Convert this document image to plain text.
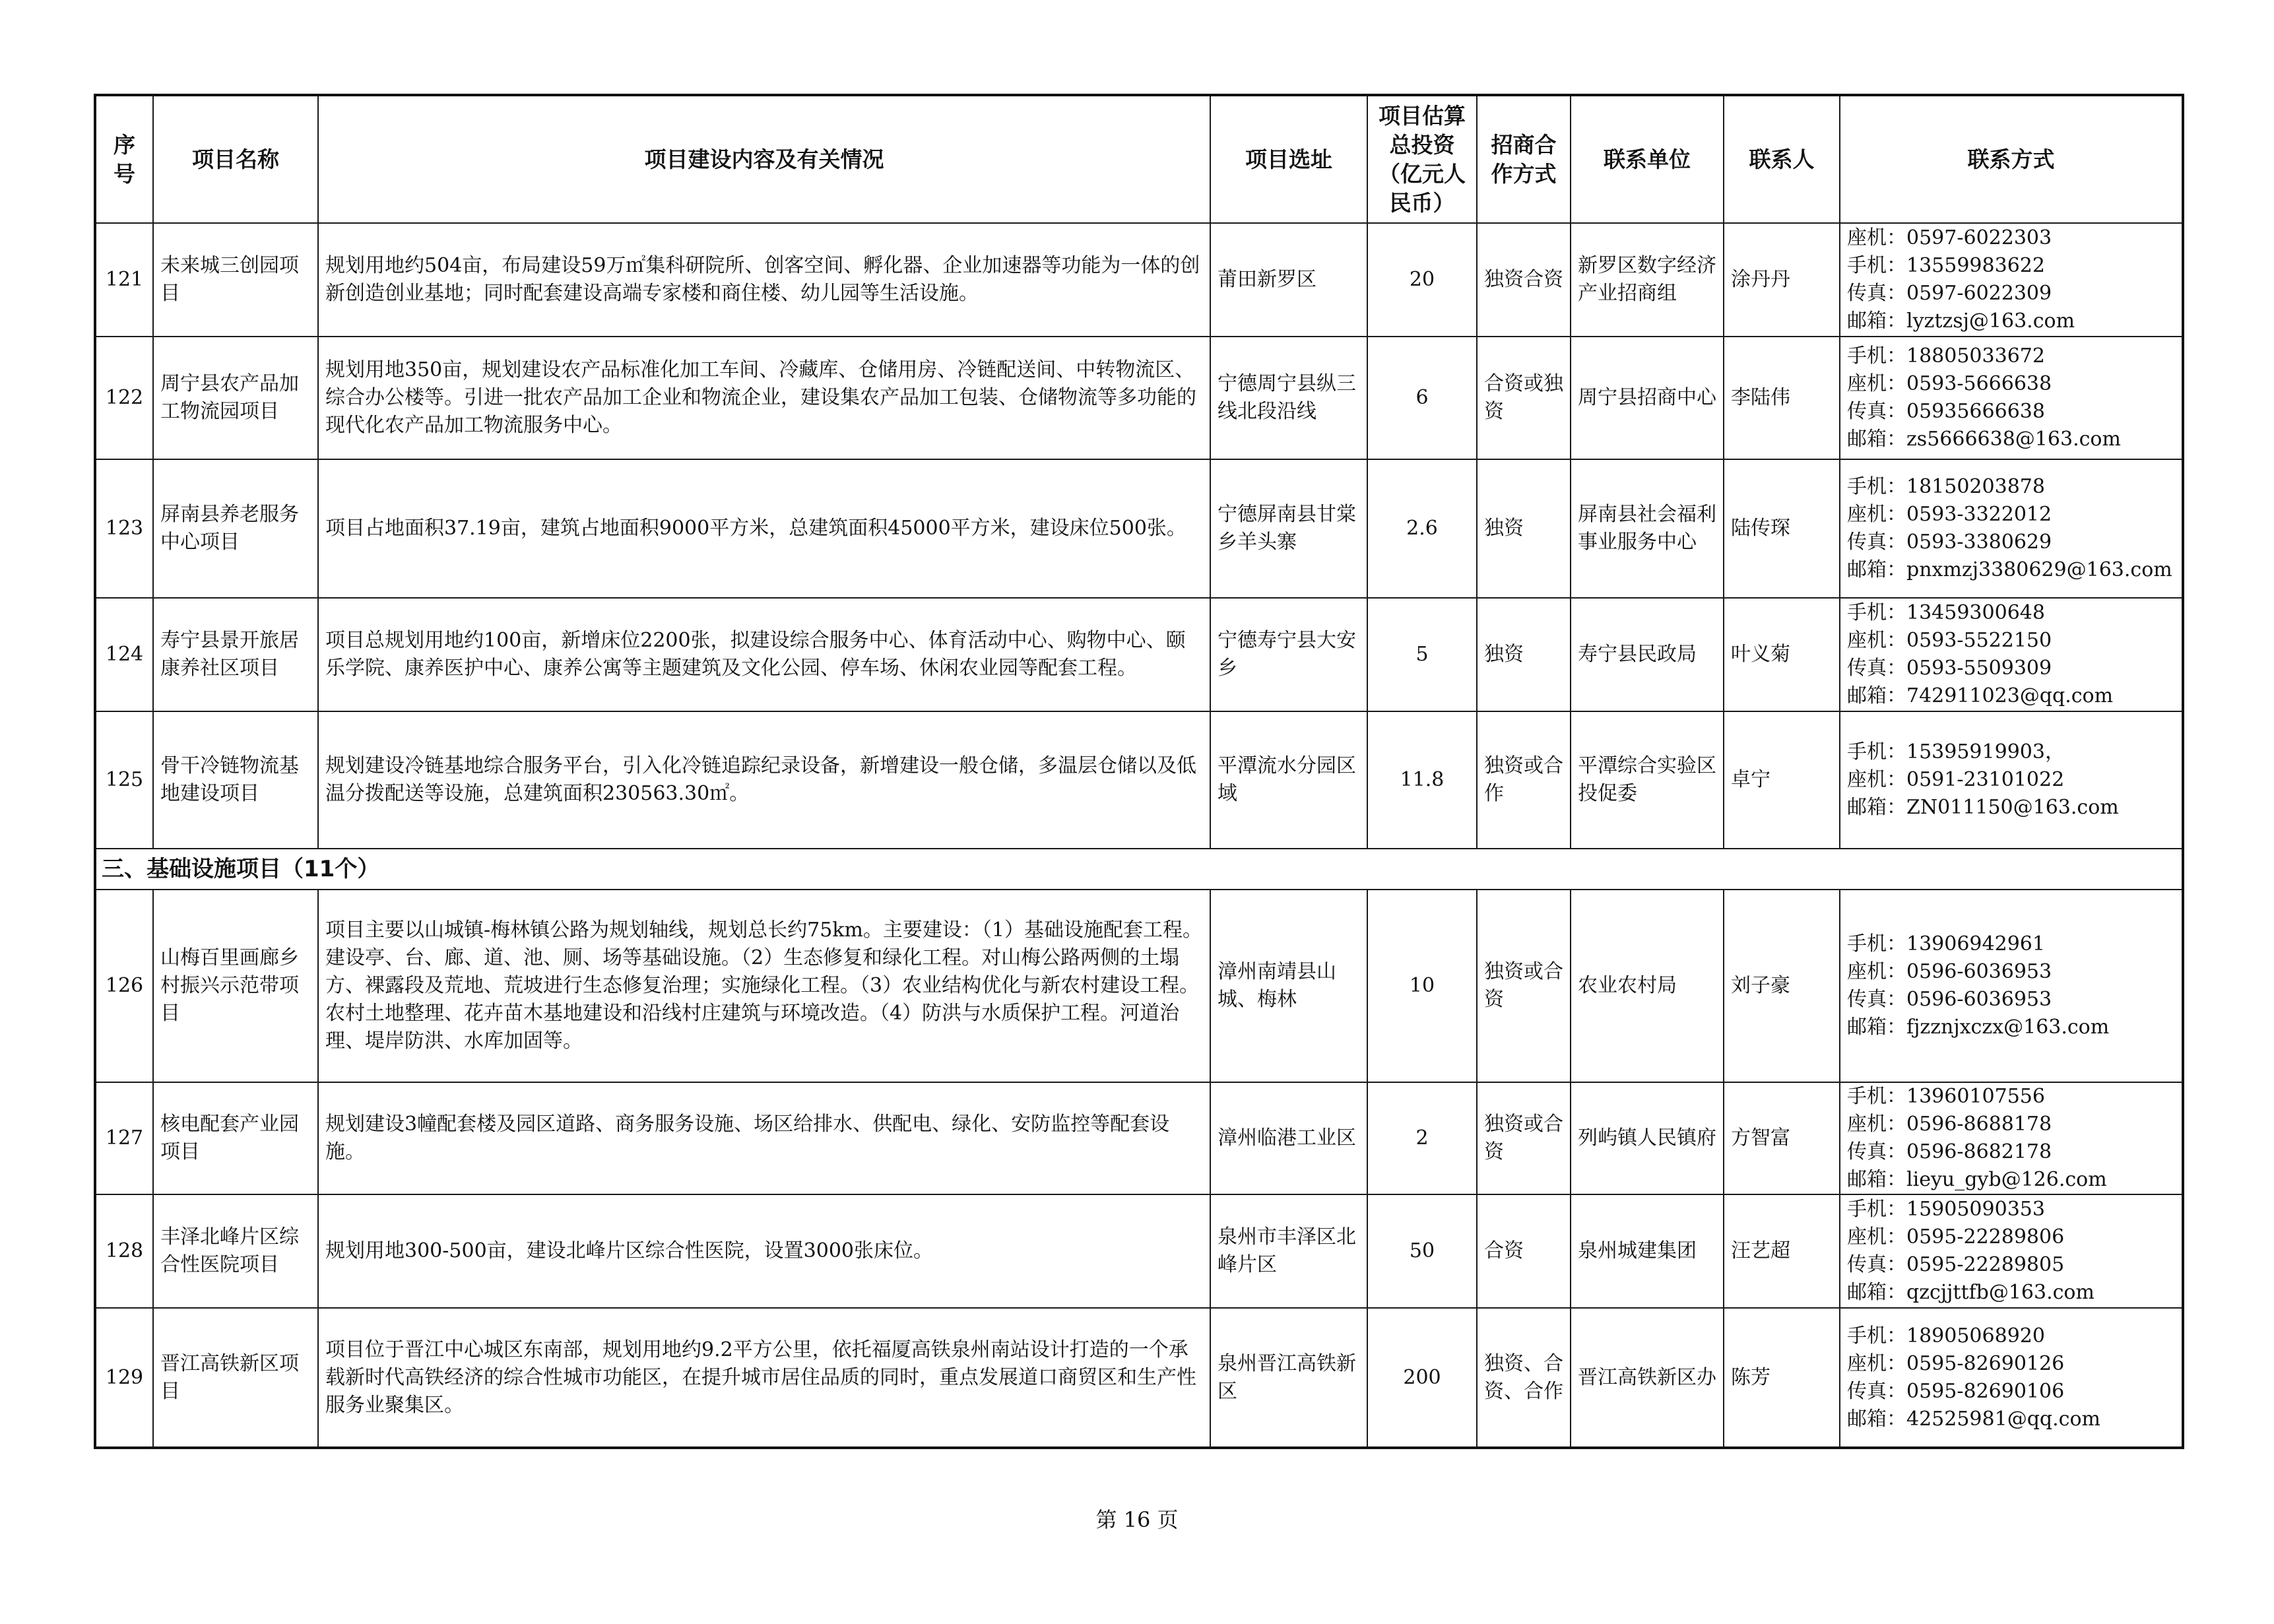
序号	项目名称	项目建设内容及有关情况	项目选址	项目估算总投资（亿元人民币）	招商合作方式	联系单位	联系人	联系方式
121	未来城三创园项目	规划用地约504亩，布局建设59万㎡集科研院所、创客空间、孵化器、企业加速器等功能为一体的创新创造创业基地；同时配套建设高端专家楼和商住楼、幼儿园等生活设施。	莆田新罗区	20	独资合资	新罗区数字经济产业招商组	涂丹丹	座机：0597-6022303
手机：13559983622
传真：0597-6022309
邮箱：lyztzsj@163.com

122	周宁县农产品加工物流园项目	规划用地350亩，规划建设农产品标准化加工车间、冷藏库、仓储用房、冷链配送间、中转物流区、综合办公楼等。引进一批农产品加工企业和物流企业，建设集农产品加工包装、仓储物流等多功能的现代化农产品加工物流服务中心。	宁德周宁县纵三线北段沿线	6	合资或独资	周宁县招商中心	李陆伟	手机：18805033672
座机：0593-5666638
传真：05935666638
邮箱：zs5666638@163.com

123	屏南县养老服务中心项目	项目占地面积37.19亩，建筑占地面积9000平方米，总建筑面积45000平方米，建设床位500张。	宁德屏南县甘棠乡羊头寨	2.6	独资	屏南县社会福利事业服务中心	陆传琛	手机：18150203878
座机：0593-3322012
传真：0593-3380629
邮箱：pnxmzj3380629@163.com

124	寿宁县景开旅居康养社区项目	项目总规划用地约100亩，新增床位2200张，拟建设综合服务中心、体育活动中心、购物中心、颐乐学院、康养医护中心、康养公寓等主题建筑及文化公园、停车场、休闲农业园等配套工程。	宁德寿宁县大安乡	5	独资	寿宁县民政局	叶义菊	手机：13459300648
座机：0593-5522150
传真：0593-5509309
邮箱：742911023@qq.com

125	骨干冷链物流基地建设项目	规划建设冷链基地综合服务平台，引入化冷链追踪纪录设备，新增建设一般仓储，多温层仓储以及低温分拨配送等设施，总建筑面积230563.30㎡。	平潭流水分园区域	11.8	独资或合作	平潭综合实验区投促委	卓宁	手机：15395919903，
座机：0591-23101022
邮箱：ZN011150@163.com

三、基础设施项目（11个）								
126	山梅百里画廊乡村振兴示范带项目	项目主要以山城镇-梅林镇公路为规划轴线，规划总长约75km。主要建设：（1）基础设施配套工程。建设亭、台、廊、道、池、厕、场等基础设施。（2）生态修复和绿化工程。对山梅公路两侧的土塌方、裸露段及荒地、荒坡进行生态修复治理；实施绿化工程。（3）农业结构优化与新农村建设工程。农村土地整理、花卉苗木基地建设和沿线村庄建筑与环境改造。（4）防洪与水质保护工程。河道治理、堤岸防洪、水库加固等。	漳州南靖县山城、梅林	10	独资或合资	农业农村局	刘子豪	手机：13906942961
座机：0596-6036953
传真：0596-6036953
邮箱：fjzznjxczx@163.com

127	核电配套产业园项目	规划建设3幢配套楼及园区道路、商务服务设施、场区给排水、供配电、绿化、安防监控等配套设施。	漳州临港工业区	2	独资或合资	列屿镇人民镇府	方智富	手机：13960107556
座机：0596-8688178
传真：0596-8682178
邮箱：lieyu_gyb@126.com

128	丰泽北峰片区综合性医院项目	规划用地300-500亩，建设北峰片区综合性医院，设置3000张床位。	泉州市丰泽区北峰片区	50	合资	泉州城建集团	汪艺超	手机：15905090353
座机：0595-22289806
传真：0595-22289805
邮箱：qzcjjttfb@163.com

129	晋江高铁新区项目	项目位于晋江中心城区东南部，规划用地约9.2平方公里，依托福厦高铁泉州南站设计打造的一个承载新时代高铁经济的综合性城市功能区，在提升城市居住品质的同时，重点发展道口商贸区和生产性服务业聚集区。	泉州晋江高铁新区	200	独资、合资、合作	晋江高铁新区办	陈芳	手机：18905068920
座机：0595-82690126
传真：0595-82690106
邮箱：42525981@qq.com
第 16 页
